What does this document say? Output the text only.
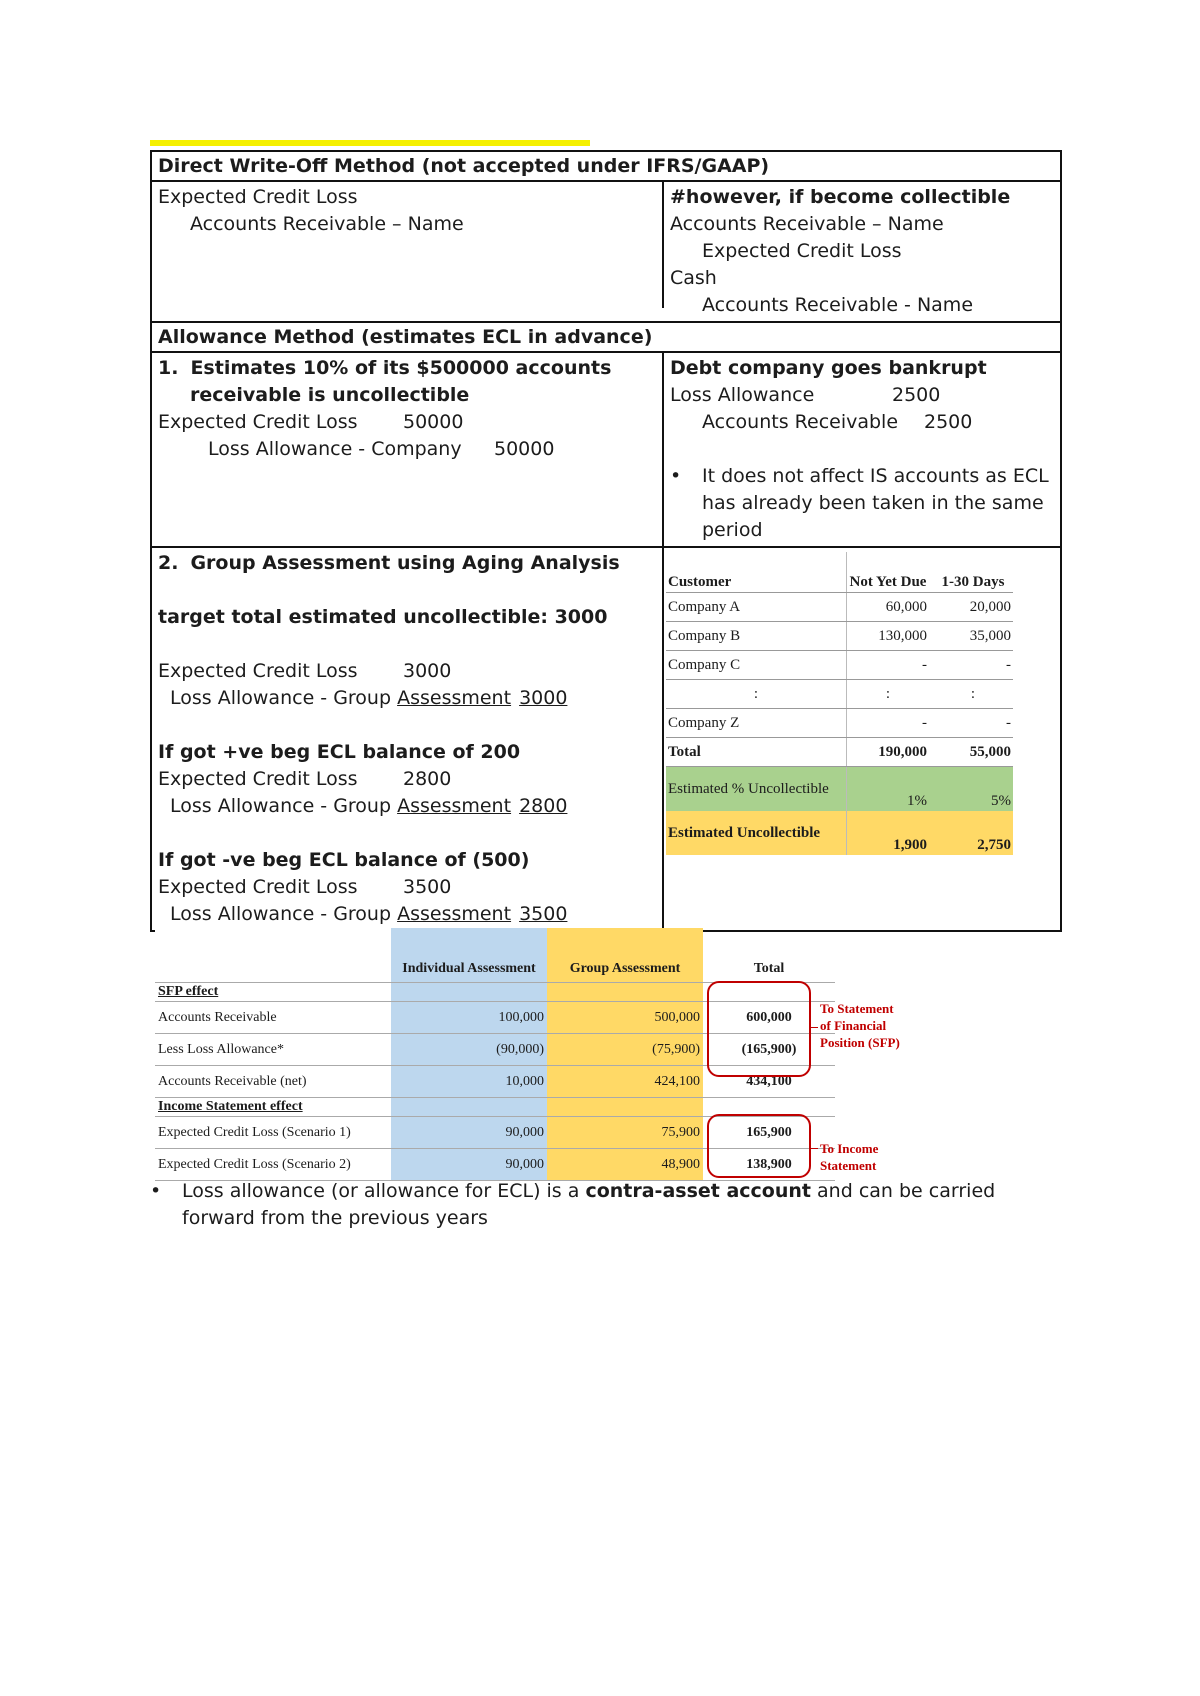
Direct Write-Off Method (not accepted under IFRS/GAAP)
Expected Credit Loss
Accounts Receivable – Name
#however, if become collectible
Accounts Receivable – Name
Expected Credit Loss
Cash
Accounts Receivable - Name
Allowance Method (estimates ECL in advance)
1. Estimates 10% of its $500000 accounts
receivable is uncollectible
Expected Credit Loss 50000
Loss Allowance - Company 50000
Debt company goes bankrupt
Loss Allowance	2500
Accounts Receivable 2500
•	It does not affect IS accounts as ECL
has already been taken in the same
period
2. Group Assessment using Aging Analysis
target total estimated uncollectible: 3000
Expected Credit Loss 3000
Loss Allowance - Group Assessment 3000
If got +ve beg ECL balance of 200
Expected Credit Loss 2800
Loss Allowance - Group Assessment 2800
If got -ve beg ECL balance of (500)
Expected Credit Loss 3500
Loss Allowance - Group Assessment 3500
Customer	Not Yet Due	1-30 Days
Company A	60,000	20,000
Company B	130,000	35,000
Company C	-	-
:	:	:
Company Z	-	-
Total	190,000	55,000
Estimated % Uncollectible	1%	5%
Estimated Uncollectible	1,900	2,750
	Individual Assessment	Group Assessment	Total
SFP effect			
Accounts Receivable	100,000	500,000	600,000
Less Loss Allowance*	(90,000)	(75,900)	(165,900)
Accounts Receivable (net)	10,000	424,100	434,100
Income Statement effect			
Expected Credit Loss (Scenario 1)	90,000	75,900	165,900
Expected Credit Loss (Scenario 2)	90,000	48,900	138,900
To Statement of Financial Position (SFP)
To Income Statement
•	Loss allowance (or allowance for ECL) is a contra-asset account and can be carried forward from the previous years
